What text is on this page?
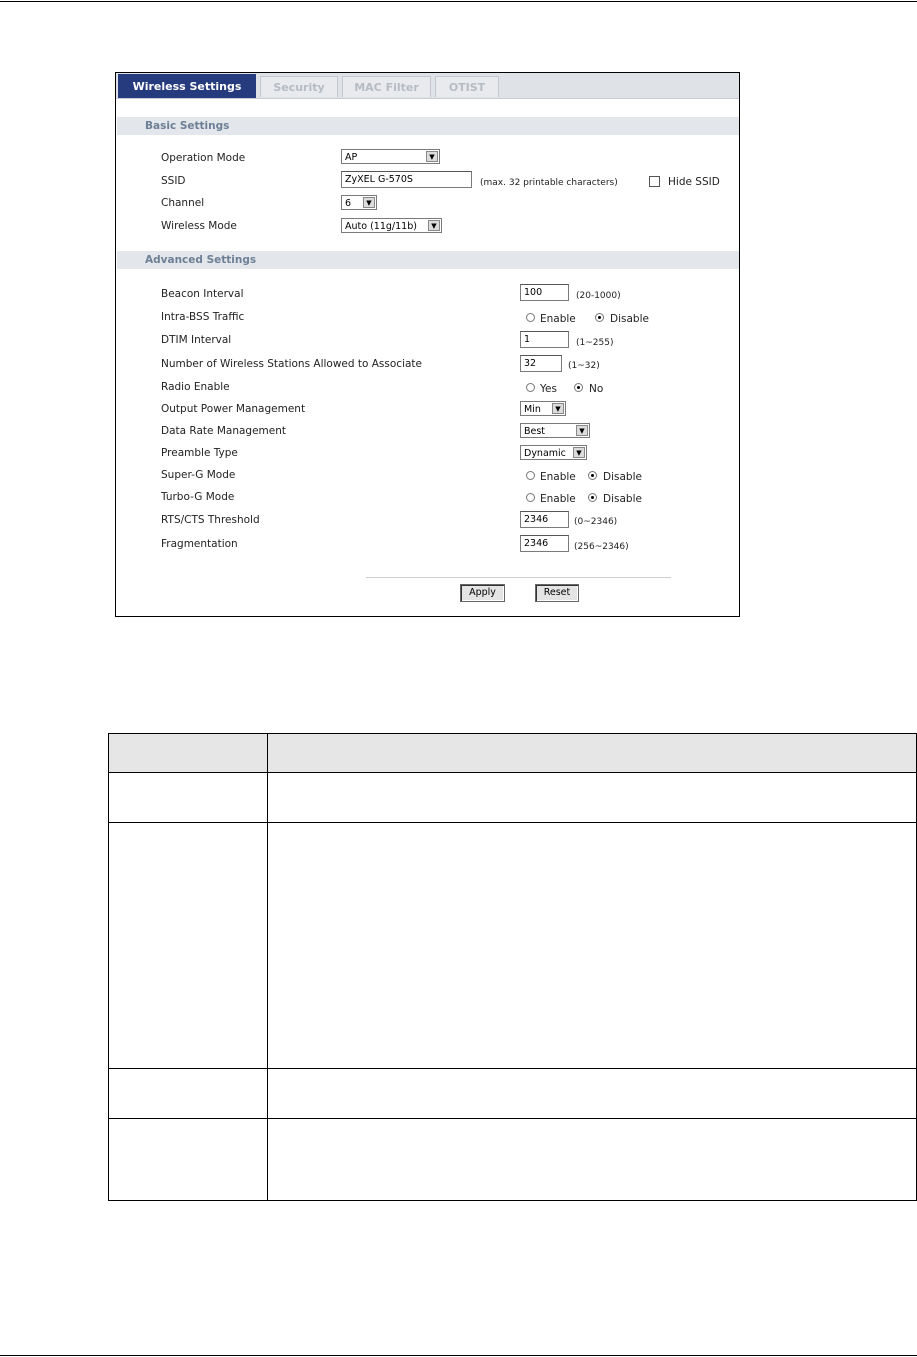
Wireless Settings	Security	MAC Filter	OTIST
Basic Settings
Operation Mode	AP	▼
SSID	ZyXEL G-570S	(max. 32 printable characters)	Hide SSID
Channel	6	▼
Wireless Mode	Auto (11g/11b)	▼
Advanced Settings
Beacon Interval	100	(20-1000)
Intra-BSS Traffic	Enable	Disable
DTIM Interval	1	(1~255)
Number of Wireless Stations Allowed to Associate	32	(1~32)
Radio Enable	Yes	No
Output Power Management	Min	▼
Data Rate Management	Best	▼
Preamble Type	Dynamic	▼
Super-G Mode	Enable	Disable
Turbo-G Mode	Enable	Disable
RTS/CTS Threshold	2346	(0~2346)
Fragmentation	2346	(256~2346)
Apply	Reset
